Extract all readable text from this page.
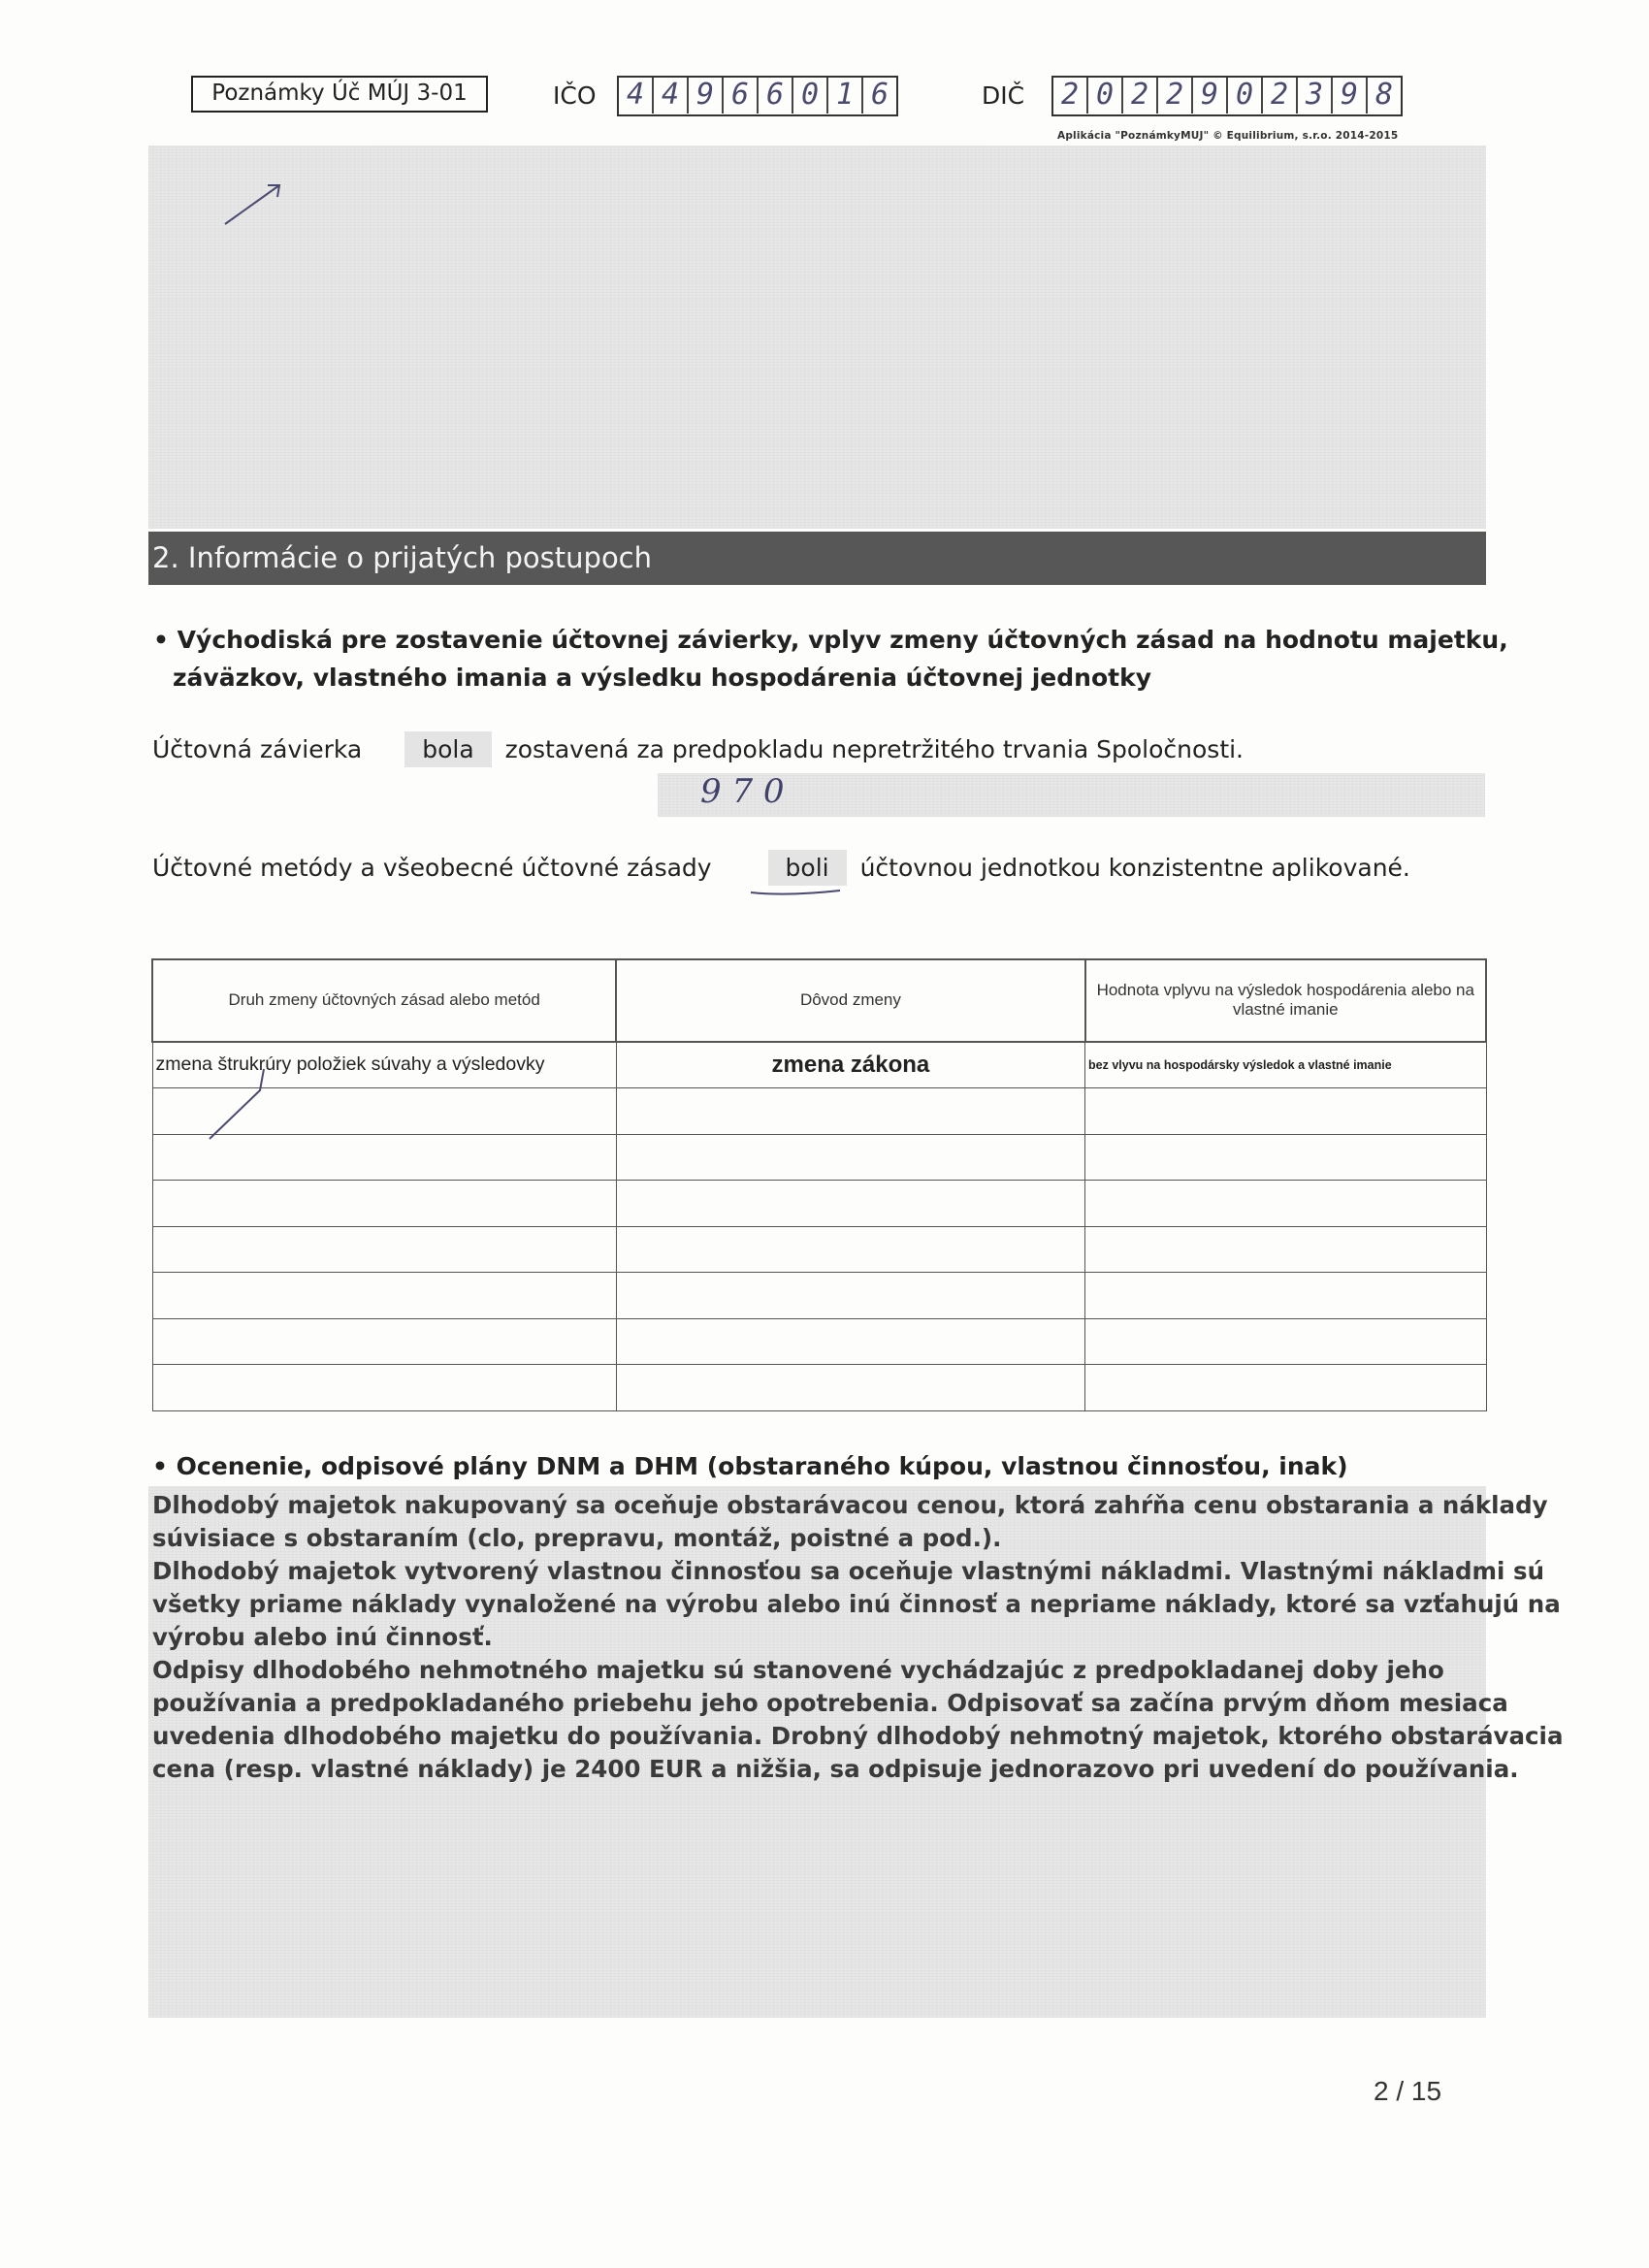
Poznámky Úč MÚJ 3-01	IČO 4 4 9 6 6 0 1 6	DIČ 2 0 2 2 9 0 2 3 9 8
Aplikácia "PoznámkyMUJ" © Equilibrium, s.r.o. 2014-2015
2. Informácie o prijatých postupoch
• Východiská pre zostavenie účtovnej závierky, vplyv zmeny účtovných zásad na hodnotu majetku,
záväzkov, vlastného imania a výsledku hospodárenia účtovnej jednotky
Účtovná závierka bola zostavená za predpokladu nepretržitého trvania Spoločnosti.
9 7 0
Účtovné metódy a všeobecné účtovné zásady	boli účtovnou jednotkou konzistentne aplikované.
Druh zmeny účtovných zásad alebo metód	Dôvod zmeny	Hodnota vplyvu na výsledok hospodárenia alebo na vlastné imanie
zmena štrukrúry položiek súvahy a výsledovky	zmena zákona	bez vlyvu na hospodársky výsledok a vlastné imanie

• Ocenenie, odpisové plány DNM a DHM (obstaraného kúpou, vlastnou činnosťou, inak)
Dlhodobý majetok nakupovaný sa oceňuje obstarávacou cenou, ktorá zahŕňa cenu obstarania a náklady
súvisiace s obstaraním (clo, prepravu, montáž, poistné a pod.).
Dlhodobý majetok vytvorený vlastnou činnosťou sa oceňuje vlastnými nákladmi. Vlastnými nákladmi sú
všetky priame náklady vynaložené na výrobu alebo inú činnosť a nepriame náklady, ktoré sa vzťahujú na
výrobu alebo inú činnosť.
Odpisy dlhodobého nehmotného majetku sú stanovené vychádzajúc z predpokladanej doby jeho
používania a predpokladaného priebehu jeho opotrebenia. Odpisovať sa začína prvým dňom mesiaca
uvedenia dlhodobého majetku do používania. Drobný dlhodobý nehmotný majetok, ktorého obstarávacia
cena (resp. vlastné náklady) je 2400 EUR a nižšia, sa odpisuje jednorazovo pri uvedení do používania.
2 / 15
